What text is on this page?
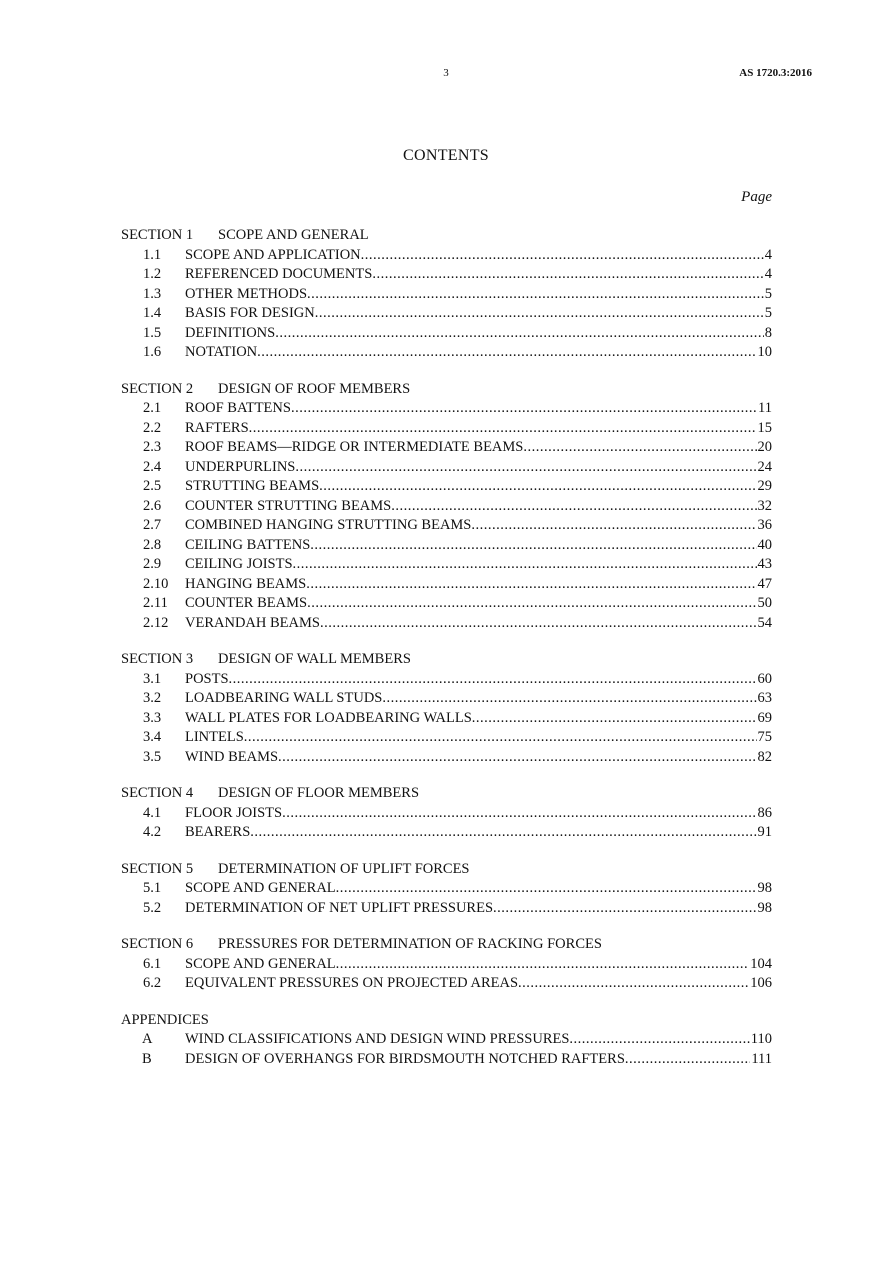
3	AS 1720.3:2016
CONTENTS
Page
SECTION 1 SCOPE AND GENERAL
1.1	SCOPE AND APPLICATION .....	4
1.2	REFERENCED DOCUMENTS .....	4
1.3	OTHER METHODS .....	5
1.4	BASIS FOR DESIGN .....	5
1.5	DEFINITIONS .....	8
1.6	NOTATION .....	10
SECTION 2 DESIGN OF ROOF MEMBERS
2.1	ROOF BATTENS .....	11
2.2	RAFTERS .....	15
2.3	ROOF BEAMS—RIDGE OR INTERMEDIATE BEAMS .....	20
2.4	UNDERPURLINS .....	24
2.5	STRUTTING BEAMS .....	29
2.6	COUNTER STRUTTING BEAMS .....	32
2.7	COMBINED HANGING STRUTTING BEAMS .....	36
2.8	CEILING BATTENS .....	40
2.9	CEILING JOISTS .....	43
2.10	HANGING BEAMS .....	47
2.11	COUNTER BEAMS .....	50
2.12	VERANDAH BEAMS .....	54
SECTION 3 DESIGN OF WALL MEMBERS
3.1	POSTS .....	60
3.2	LOADBEARING WALL STUDS .....	63
3.3	WALL PLATES FOR LOADBEARING WALLS .....	69
3.4	LINTELS .....	75
3.5	WIND BEAMS .....	82
SECTION 4 DESIGN OF FLOOR MEMBERS
4.1	FLOOR JOISTS .....	86
4.2	BEARERS .....	91
SECTION 5 DETERMINATION OF UPLIFT FORCES
5.1	SCOPE AND GENERAL .....	98
5.2	DETERMINATION OF NET UPLIFT PRESSURES .....	98
SECTION 6 PRESSURES FOR DETERMINATION OF RACKING FORCES
6.1	SCOPE AND GENERAL .....	104
6.2	EQUIVALENT PRESSURES ON PROJECTED AREAS .....	106
APPENDICES
A	WIND CLASSIFICATIONS AND DESIGN WIND PRESSURES .....	110
B	DESIGN OF OVERHANGS FOR BIRDSMOUTH NOTCHED RAFTERS .....	111
